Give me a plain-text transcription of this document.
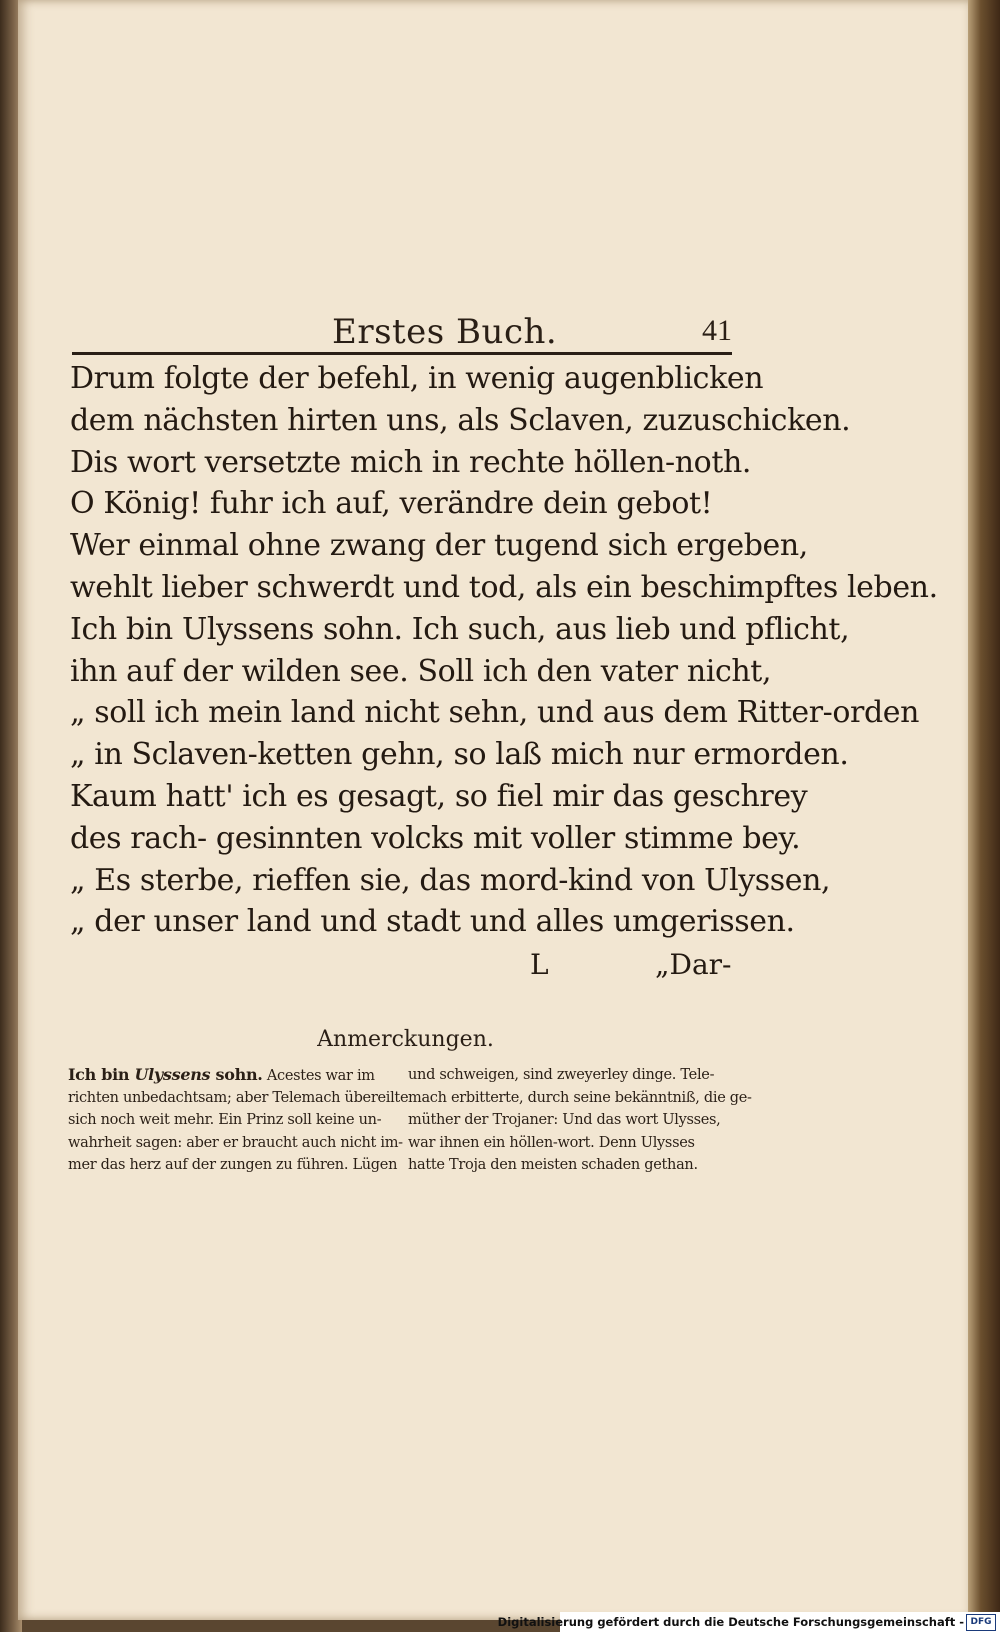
Erstes Buch.	41
Drum folgte der befehl, in wenig augenblicken
dem nächsten hirten uns, als Sclaven, zuzuschicken.
Dis wort versetzte mich in rechte höllen-noth.
O König! fuhr ich auf, verändre dein gebot!
Wer einmal ohne zwang der tugend sich ergeben,
wehlt lieber schwerdt und tod, als ein beschimpftes leben.
Ich bin Ulyssens sohn. Ich such, aus lieb und pflicht,
ihn auf der wilden see. Soll ich den vater nicht,
„ soll ich mein land nicht sehn, und aus dem Ritter-orden
„ in Sclaven-ketten gehn, so laß mich nur ermorden.
Kaum hatt' ich es gesagt, so fiel mir das geschrey
des rach- gesinnten volcks mit voller stimme bey.
„ Es sterbe, rieffen sie, das mord-kind von Ulyssen,
„ der unser land und stadt und alles umgerissen.
L	„Dar-
Anmerckungen.
Ich bin Ulyssens sohn. Acestes war im
richten unbedachtsam; aber Telemach übereilte
sich noch weit mehr. Ein Prinz soll keine un-
wahrheit sagen: aber er braucht auch nicht im-
mer das herz auf der zungen zu führen. Lügen
und schweigen, sind zweyerley dinge. Tele-
mach erbitterte, durch seine bekänntniß, die ge-
müther der Trojaner: Und das wort Ulysses,
war ihnen ein höllen-wort. Denn Ulysses
hatte Troja den meisten schaden gethan.
Digitalisierung gefördert durch die Deutsche Forschungsgemeinschaft - DFG
